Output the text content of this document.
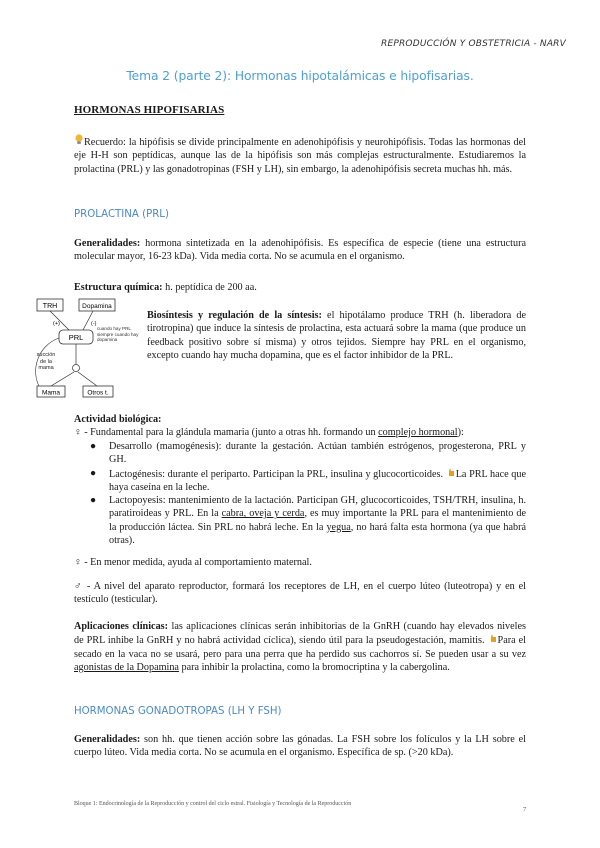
REPRODUCCIÓN Y OBSTETRICIA - NARV
Tema 2 (parte 2): Hormonas hipotalámicas e hipofisarias.
HORMONAS HIPOFISARIAS
Recuerdo: la hipófisis se divide principalmente en adenohipófisis y neurohipófisis. Todas las hormonas del eje H-H son peptídicas, aunque las de la hipófisis son más complejas estructuralmente. Estudiaremos la prolactina (PRL) y las gonadotropinas (FSH y LH), sin embargo, la adenohipófisis secreta muchas hh. más.
PROLACTINA (PRL)
Generalidades: hormona sintetizada en la adenohipófisis. Es específica de especie (tiene una estructura molecular mayor, 16-23 kDa). Vida media corta. No se acumula en el organismo.
Estructura química: h. peptídica de 200 aa.
TRH	Dopamina
PRL
(+)	(-)
Mama	Otros t.
succión de la mama
cuando hay PRL siempre cuando hay dopamina
Biosíntesis y regulación de la síntesis: el hipotálamo produce TRH (h. liberadora de tirotropina) que induce la síntesis de prolactina, esta actuará sobre la mama (que produce un feedback positivo sobre sí misma) y otros tejidos. Siempre hay PRL en el organismo, excepto cuando hay mucha dopamina, que es el factor inhibidor de la PRL.
Actividad biológica:
♀ - Fundamental para la glándula mamaria (junto a otras hh. formando un complejo hormonal):
● Desarrollo (mamogénesis): durante la gestación. Actúan también estrógenos, progesterona, PRL y GH.
● Lactogénesis: durante el periparto. Participan la PRL, insulina y glucocorticoides. La PRL hace que haya caseína en la leche.
● Lactopoyesis: mantenimiento de la lactación. Participan GH, glucocorticoides, TSH/TRH, insulina, h. paratiroideas y PRL. En la cabra, oveja y cerda, es muy importante la PRL para el mantenimiento de la producción láctea. Sin PRL no habrá leche. En la yegua, no hará falta esta hormona (ya que habrá otras).
♀ - En menor medida, ayuda al comportamiento maternal.
♂ - A nivel del aparato reproductor, formará los receptores de LH, en el cuerpo lúteo (luteotropa) y en el testículo (testicular).
Aplicaciones clínicas: las aplicaciones clínicas serán inhibitorias de la GnRH (cuando hay elevados niveles de PRL inhibe la GnRH y no habrá actividad cíclica), siendo útil para la pseudogestación, mamitis. Para el secado en la vaca no se usará, pero para una perra que ha perdido sus cachorros sí. Se pueden usar a su vez agonistas de la Dopamina para inhibir la prolactina, como la bromocriptina y la cabergolina.
HORMONAS GONADOTROPAS (LH Y FSH)
Generalidades: son hh. que tienen acción sobre las gónadas. La FSH sobre los folículos y la LH sobre el cuerpo lúteo. Vida media corta. No se acumula en el organismo. Específica de sp. (>20 kDa).
Bloque 1: Endocrinología de la Reproducción y control del ciclo estral. Fisiología y Tecnología de la Reproducción
7
